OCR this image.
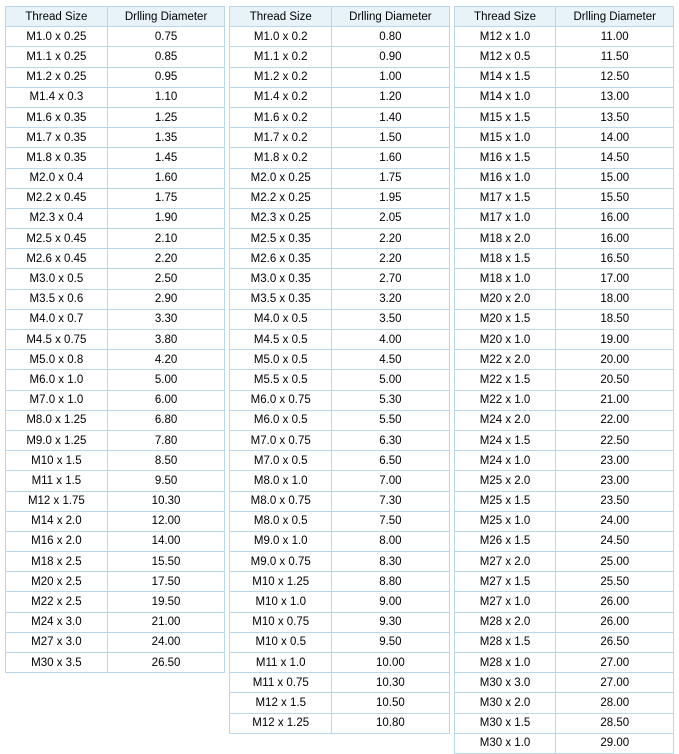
Thread Size	Drlling Diameter
M1.0 x 0.25	0.75
M1.1 x 0.25	0.85
M1.2 x 0.25	0.95
M1.4 x 0.3	1.10
M1.6 x 0.35	1.25
M1.7 x 0.35	1.35
M1.8 x 0.35	1.45
M2.0 x 0.4	1.60
M2.2 x 0.45	1.75
M2.3 x 0.4	1.90
M2.5 x 0.45	2.10
M2.6 x 0.45	2.20
M3.0 x 0.5	2.50
M3.5 x 0.6	2.90
M4.0 x 0.7	3.30
M4.5 x 0.75	3.80
M5.0 x 0.8	4.20
M6.0 x 1.0	5.00
M7.0 x 1.0	6.00
M8.0 x 1.25	6.80
M9.0 x 1.25	7.80
M10 x 1.5	8.50
M11 x 1.5	9.50
M12 x 1.75	10.30
M14 x 2.0	12.00
M16 x 2.0	14.00
M18 x 2.5	15.50
M20 x 2.5	17.50
M22 x 2.5	19.50
M24 x 3.0	21.00
M27 x 3.0	24.00
M30 x 3.5	26.50
Thread Size	Drlling Diameter
M1.0 x 0.2	0.80
M1.1 x 0.2	0.90
M1.2 x 0.2	1.00
M1.4 x 0.2	1.20
M1.6 x 0.2	1.40
M1.7 x 0.2	1.50
M1.8 x 0.2	1.60
M2.0 x 0.25	1.75
M2.2 x 0.25	1.95
M2.3 x 0.25	2.05
M2.5 x 0.35	2.20
M2.6 x 0.35	2.20
M3.0 x 0.35	2.70
M3.5 x 0.35	3.20
M4.0 x 0.5	3.50
M4.5 x 0.5	4.00
M5.0 x 0.5	4.50
M5.5 x 0.5	5.00
M6.0 x 0.75	5.30
M6.0 x 0.5	5.50
M7.0 x 0.75	6.30
M7.0 x 0.5	6.50
M8.0 x 1.0	7.00
M8.0 x 0.75	7.30
M8.0 x 0.5	7.50
M9.0 x 1.0	8.00
M9.0 x 0.75	8.30
M10 x 1.25	8.80
M10 x 1.0	9.00
M10 x 0.75	9.30
M10 x 0.5	9.50
M11 x 1.0	10.00
M11 x 0.75	10.30
M12 x 1.5	10.50
M12 x 1.25	10.80
Thread Size	Drlling Diameter
M12 x 1.0	11.00
M12 x 0.5	11.50
M14 x 1.5	12.50
M14 x 1.0	13.00
M15 x 1.5	13.50
M15 x 1.0	14.00
M16 x 1.5	14.50
M16 x 1.0	15.00
M17 x 1.5	15.50
M17 x 1.0	16.00
M18 x 2.0	16.00
M18 x 1.5	16.50
M18 x 1.0	17.00
M20 x 2.0	18.00
M20 x 1.5	18.50
M20 x 1.0	19.00
M22 x 2.0	20.00
M22 x 1.5	20.50
M22 x 1.0	21.00
M24 x 2.0	22.00
M24 x 1.5	22.50
M24 x 1.0	23.00
M25 x 2.0	23.00
M25 x 1.5	23.50
M25 x 1.0	24.00
M26 x 1.5	24.50
M27 x 2.0	25.00
M27 x 1.5	25.50
M27 x 1.0	26.00
M28 x 2.0	26.00
M28 x 1.5	26.50
M28 x 1.0	27.00
M30 x 3.0	27.00
M30 x 2.0	28.00
M30 x 1.5	28.50
M30 x 1.0	29.00
